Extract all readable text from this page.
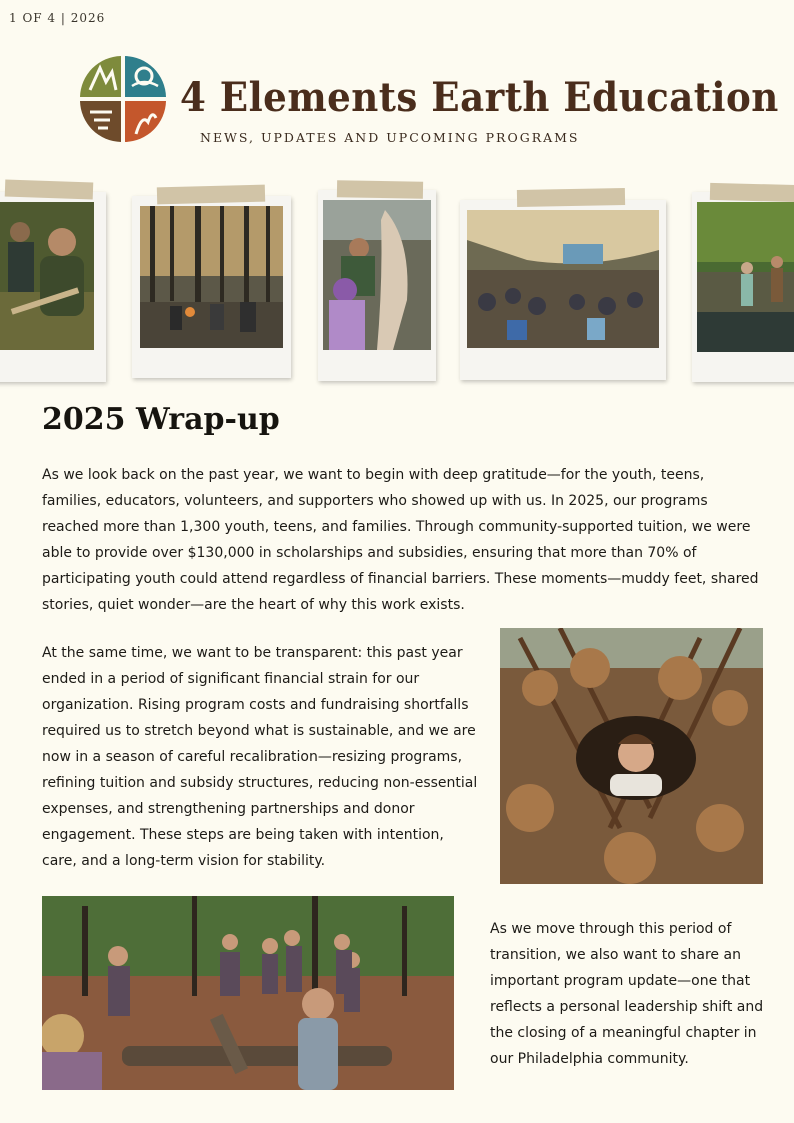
1 OF 4 | 2026
4 Elements Earth Education
NEWS, UPDATES AND UPCOMING PROGRAMS
2025 Wrap-up

As we look back on the past year, we want to begin with deep gratitude—for the youth, teens, families, educators, volunteers, and supporters who showed up with us. In 2025, our programs reached more than 1,300 youth, teens, and families. Through community-supported tuition, we were able to provide over $130,000 in scholarships and subsidies, ensuring that more than 70% of participating youth could attend regardless of financial barriers. These moments—muddy feet, shared stories, quiet wonder—are the heart of why this work exists.

At the same time, we want to be transparent: this past year ended in a period of significant financial strain for our organization. Rising program costs and fundraising shortfalls required us to stretch beyond what is sustainable, and we are now in a season of careful recalibration—resizing programs, refining tuition and subsidy structures, reducing non-essential expenses, and strengthening partnerships and donor engagement. These steps are being taken with intention, care, and a long-term vision for stability.

As we move through this period of transition, we also want to share an important program update—one that reflects a personal leadership shift and the closing of a meaningful chapter in our Philadelphia community.
